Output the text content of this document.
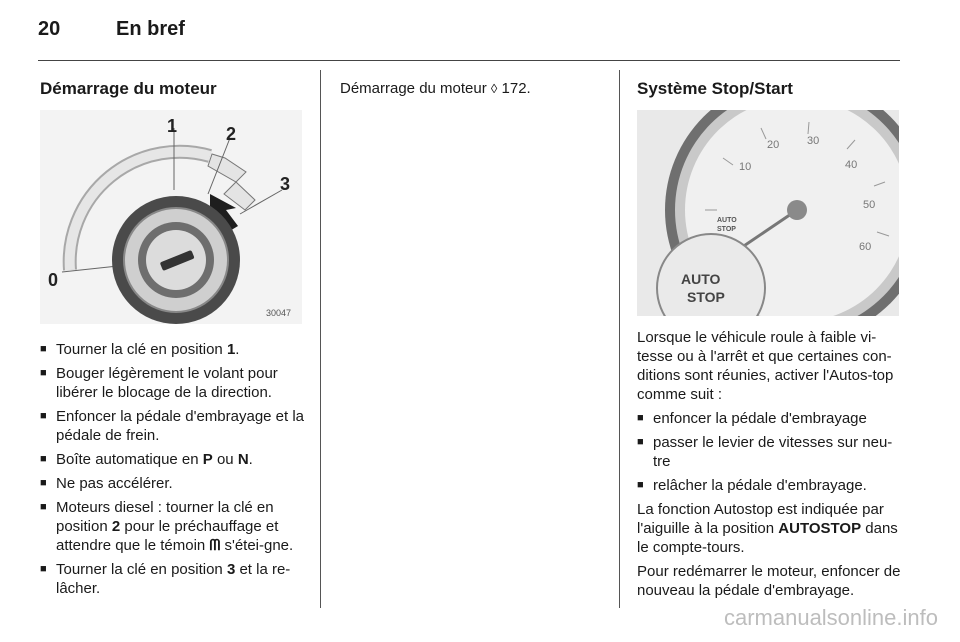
20	En bref
Démarrage du moteur
1	2
3
0
30047
■ Tourner la clé en position 1.
■ Bouger légèrement le volant pour libérer le blocage de la direction.
■ Enfoncer la pédale d'embrayage et la pédale de frein.
■ Boîte automatique en P ou N.
■ Ne pas accélérer.
■ Moteurs diesel : tourner la clé en position 2 pour le préchauffage et attendre que le témoin ᗰ s'étei-gne.
■ Tourner la clé en position 3 et la re-lâcher.
Démarrage du moteur ◊ 172.	Système Stop/Start
10
20	30
40
50
60
AUTO
STOP
AUTO
STOP

Lorsque le véhicule roule à faible vi-tesse ou à l'arrêt et que certaines con-ditions sont réunies, activer l'Autos-top comme suit :

■ enfoncer la pédale d'embrayage
■ passer le levier de vitesses sur neu-tre
■ relâcher la pédale d'embrayage.

La fonction Autostop est indiquée par l'aiguille à la position AUTOSTOP dans le compte-tours.

Pour redémarrer le moteur, enfoncer de nouveau la pédale d'embrayage.

carmanualsonline.info
